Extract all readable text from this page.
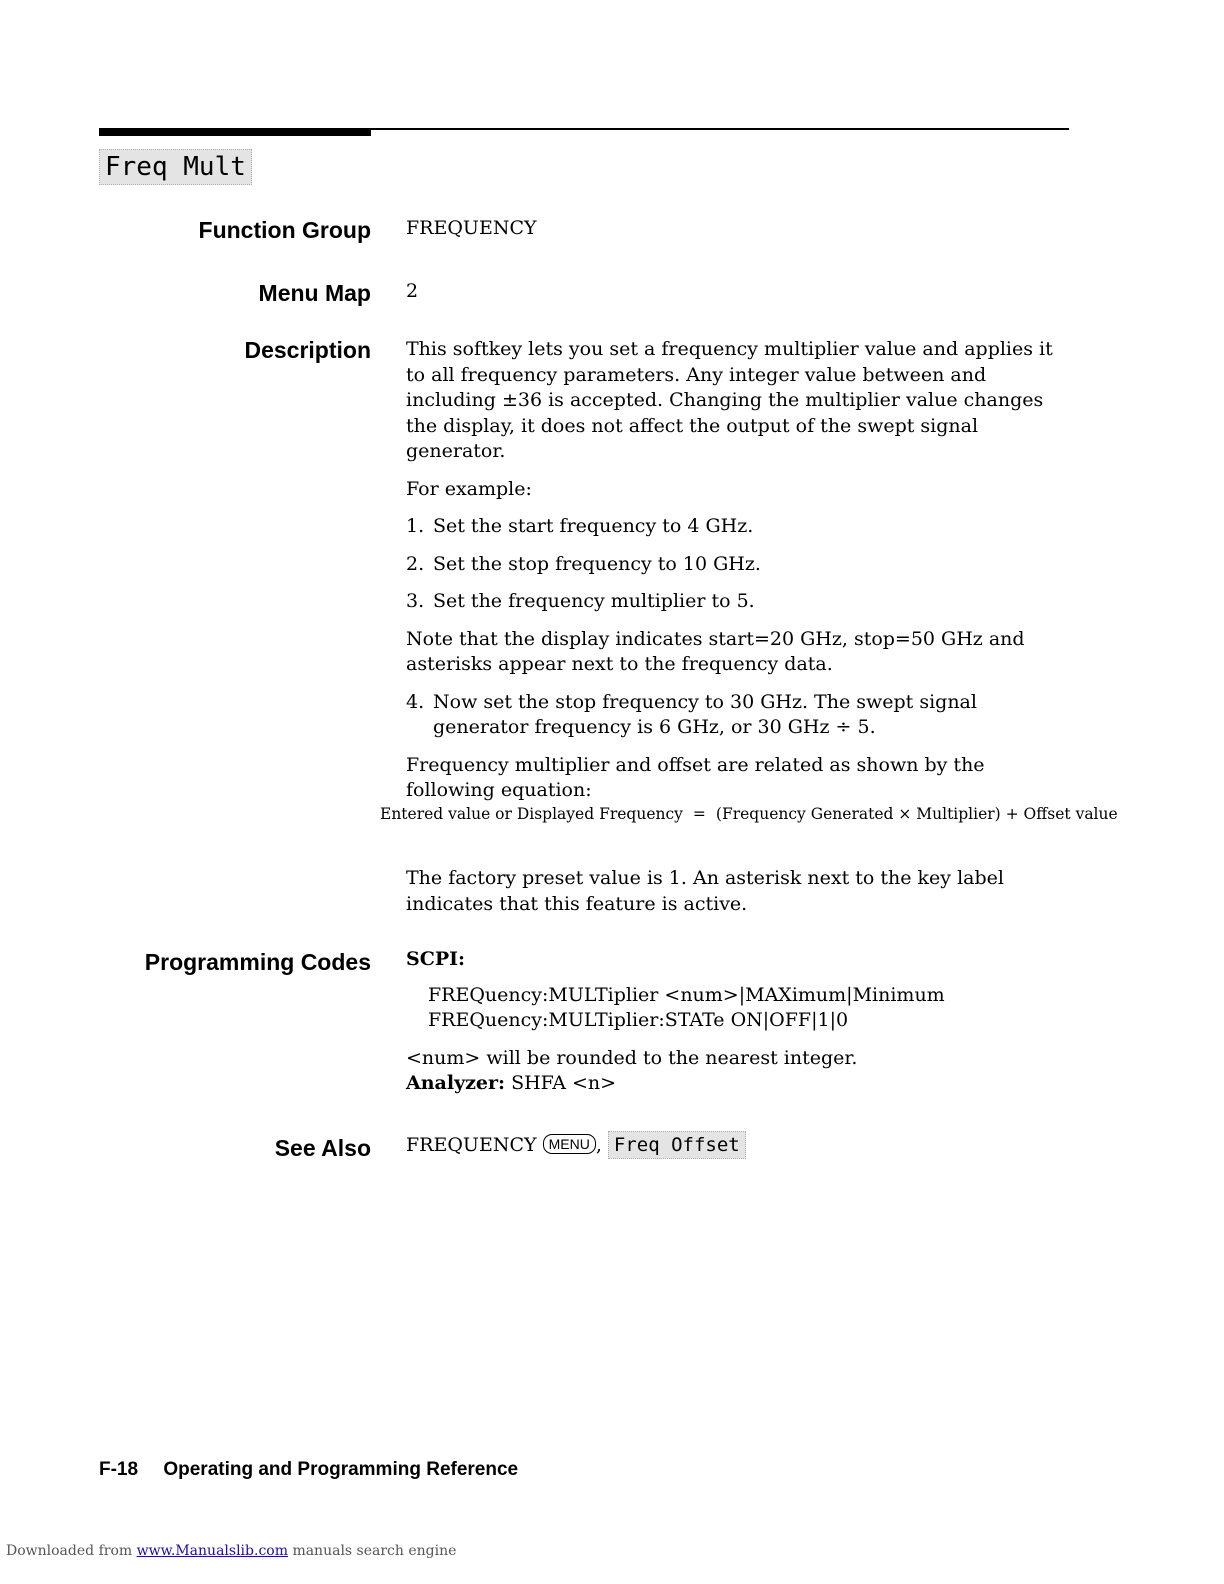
Freq Mult
Function Group FREQUENCY
Menu Map 2
Description This softkey lets you set a frequency multiplier value and applies it to all frequency parameters. Any integer value between and including ±36 is accepted. Changing the multiplier value changes the display, it does not affect the output of the swept signal generator.

For example:

1. Set the start frequency to 4 GHz.

2. Set the stop frequency to 10 GHz.

3. Set the frequency multiplier to 5.

Note that the display indicates start=20 GHz, stop=50 GHz and asterisks appear next to the frequency data.

4. Now set the stop frequency to 30 GHz. The swept signal generator frequency is 6 GHz, or 30 GHz ÷ 5.

Frequency multiplier and offset are related as shown by the following equation:

Entered value or Displayed Frequency = (Frequency Generated × Multiplier) + Offset value
The factory preset value is 1. An asterisk next to the key label indicates that this feature is active.
Programming Codes SCPI:

FREQuency:MULTiplier <num>|MAXimum|Minimum

FREQuency:MULTiplier:STATe ON|OFF|1|0

<num> will be rounded to the nearest integer.

Analyzer: SHFA <n>

See Also FREQUENCY MENU , Freq Offset
F-18 Operating and Programming Reference
Downloaded from www.Manualslib.com manuals search engine
